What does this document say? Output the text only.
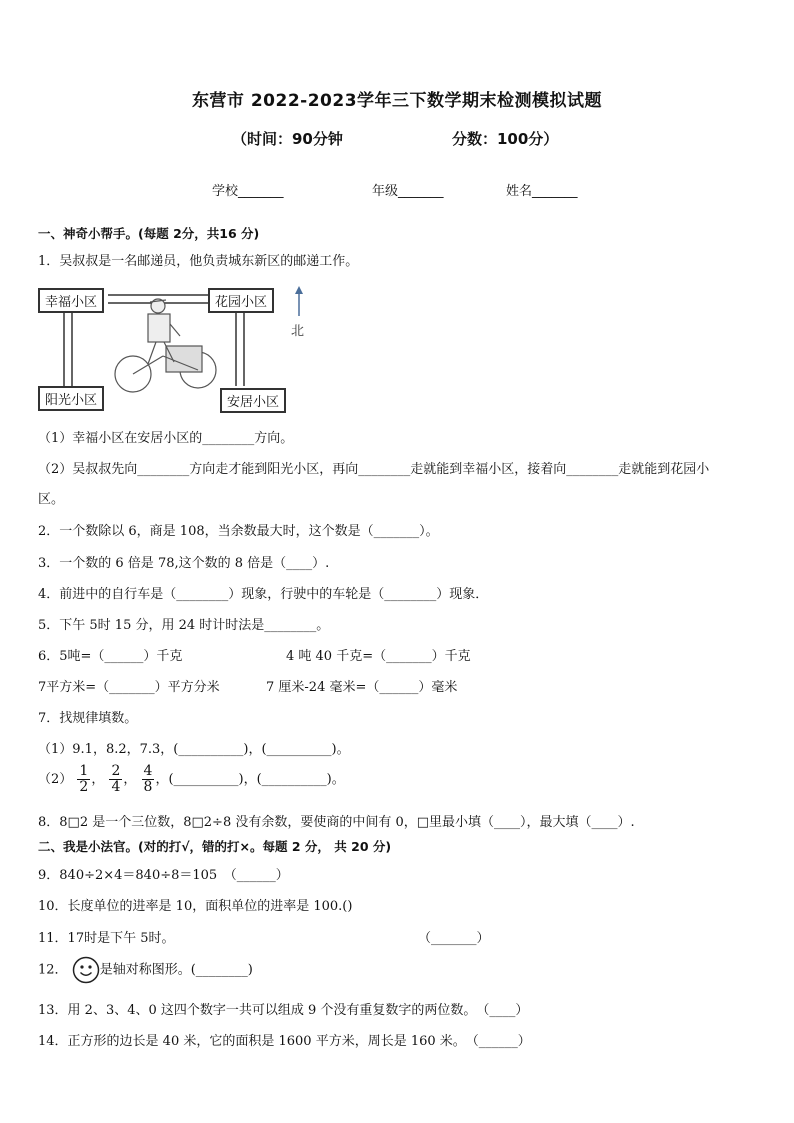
东营市 2022-2023学年三下数学期末检测模拟试题
（时间：90分钟	分数：100分）
学校_______	年级_______	姓名_______
一、神奇小帮手。(每题 2分，共16 分)
1．吴叔叔是一名邮递员，他负责城东新区的邮递工作。
幸福小区	花园小区
阳光小区	安居小区
北
（1）幸福小区在安居小区的________方向。
（2）吴叔叔先向________方向走才能到阳光小区，再向________走就能到幸福小区，接着向________走就能到花园小
区。
2．一个数除以 6，商是 108，当余数最大时，这个数是（_______）。
3．一个数的 6 倍是 78,这个数的 8 倍是（____）.
4．前进中的自行车是（________）现象，行驶中的车轮是（________）现象．
5．下午 5时 15 分，用 24 时计时法是________。
6．5吨=（______）千克	4 吨 40 千克=（_______）千克
7平方米=（_______）平方分米	7 厘米-24 毫米=（______）毫米
7．找规律填数。
（1）9.1，8.2，7.3，(__________)，(__________)。
$(2) \frac{1}{2}$ ， $\frac{2}{4}$ ， $\frac{4}{8}$ ，(__________)，(__________)。
8．8□2 是一个三位数，8□2÷8 没有余数，要使商的中间有 0，□里最小填（____），最大填（____）.
二、我是小法官。(对的打√，错的打×。每题 2 分， 共 20 分)
9．840÷2×4＝840÷8＝105　（______）
10．长度单位的进率是 10，面积单位的进率是 100.()
11．17时是下午 5时。	（_______）
12． 是轴对称图形。(________)
13．用 2、3、4、0 这四个数字一共可以组成 9 个没有重复数字的两位数。　（____）
14．正方形的边长是 40 米，它的面积是 1600 平方米，周长是 160 米。　（______）
